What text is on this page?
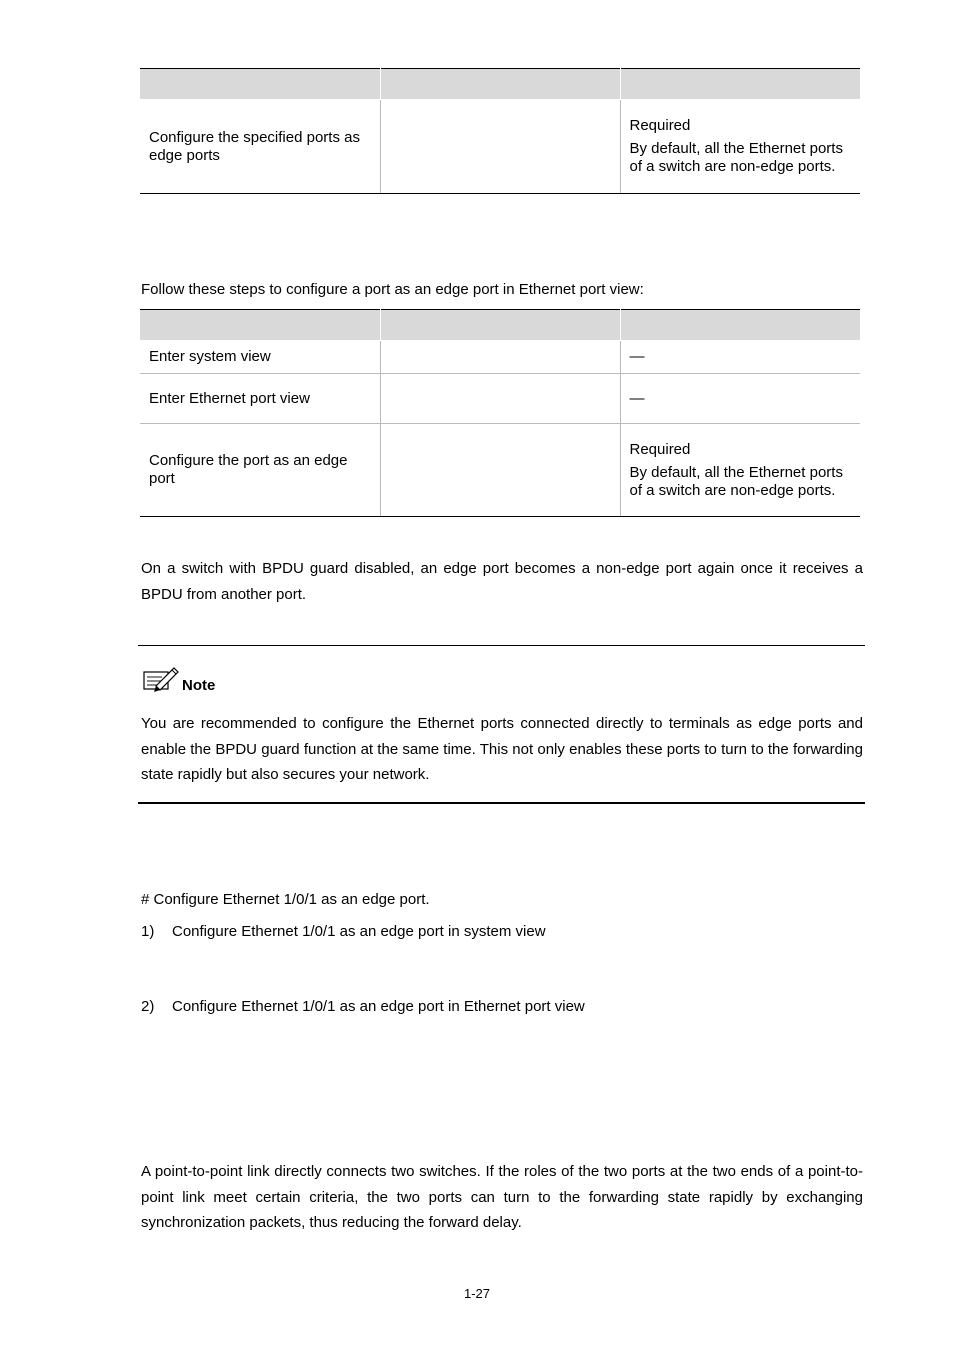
Configure the specified ports as edge ports		Required

By default, all the Ethernet ports of a switch are non-edge ports.

Follow these steps to configure a port as an edge port in Ethernet port view:

Enter system view		—
Enter Ethernet port view		—
Configure the port as an edge port		Required

By default, all the Ethernet ports of a switch are non-edge ports.

On a switch with BPDU guard disabled, an edge port becomes a non-edge port again once it receives a BPDU from another port.
Note
You are recommended to configure the Ethernet ports connected directly to terminals as edge ports and enable the BPDU guard function at the same time. This not only enables these ports to turn to the forwarding state rapidly but also secures your network.
# Configure Ethernet 1/0/1 as an edge port.
1) Configure Ethernet 1/0/1 as an edge port in system view
2) Configure Ethernet 1/0/1 as an edge port in Ethernet port view
A point-to-point link directly connects two switches. If the roles of the two ports at the two ends of a point-to-point link meet certain criteria, the two ports can turn to the forwarding state rapidly by exchanging synchronization packets, thus reducing the forward delay.
1-27
